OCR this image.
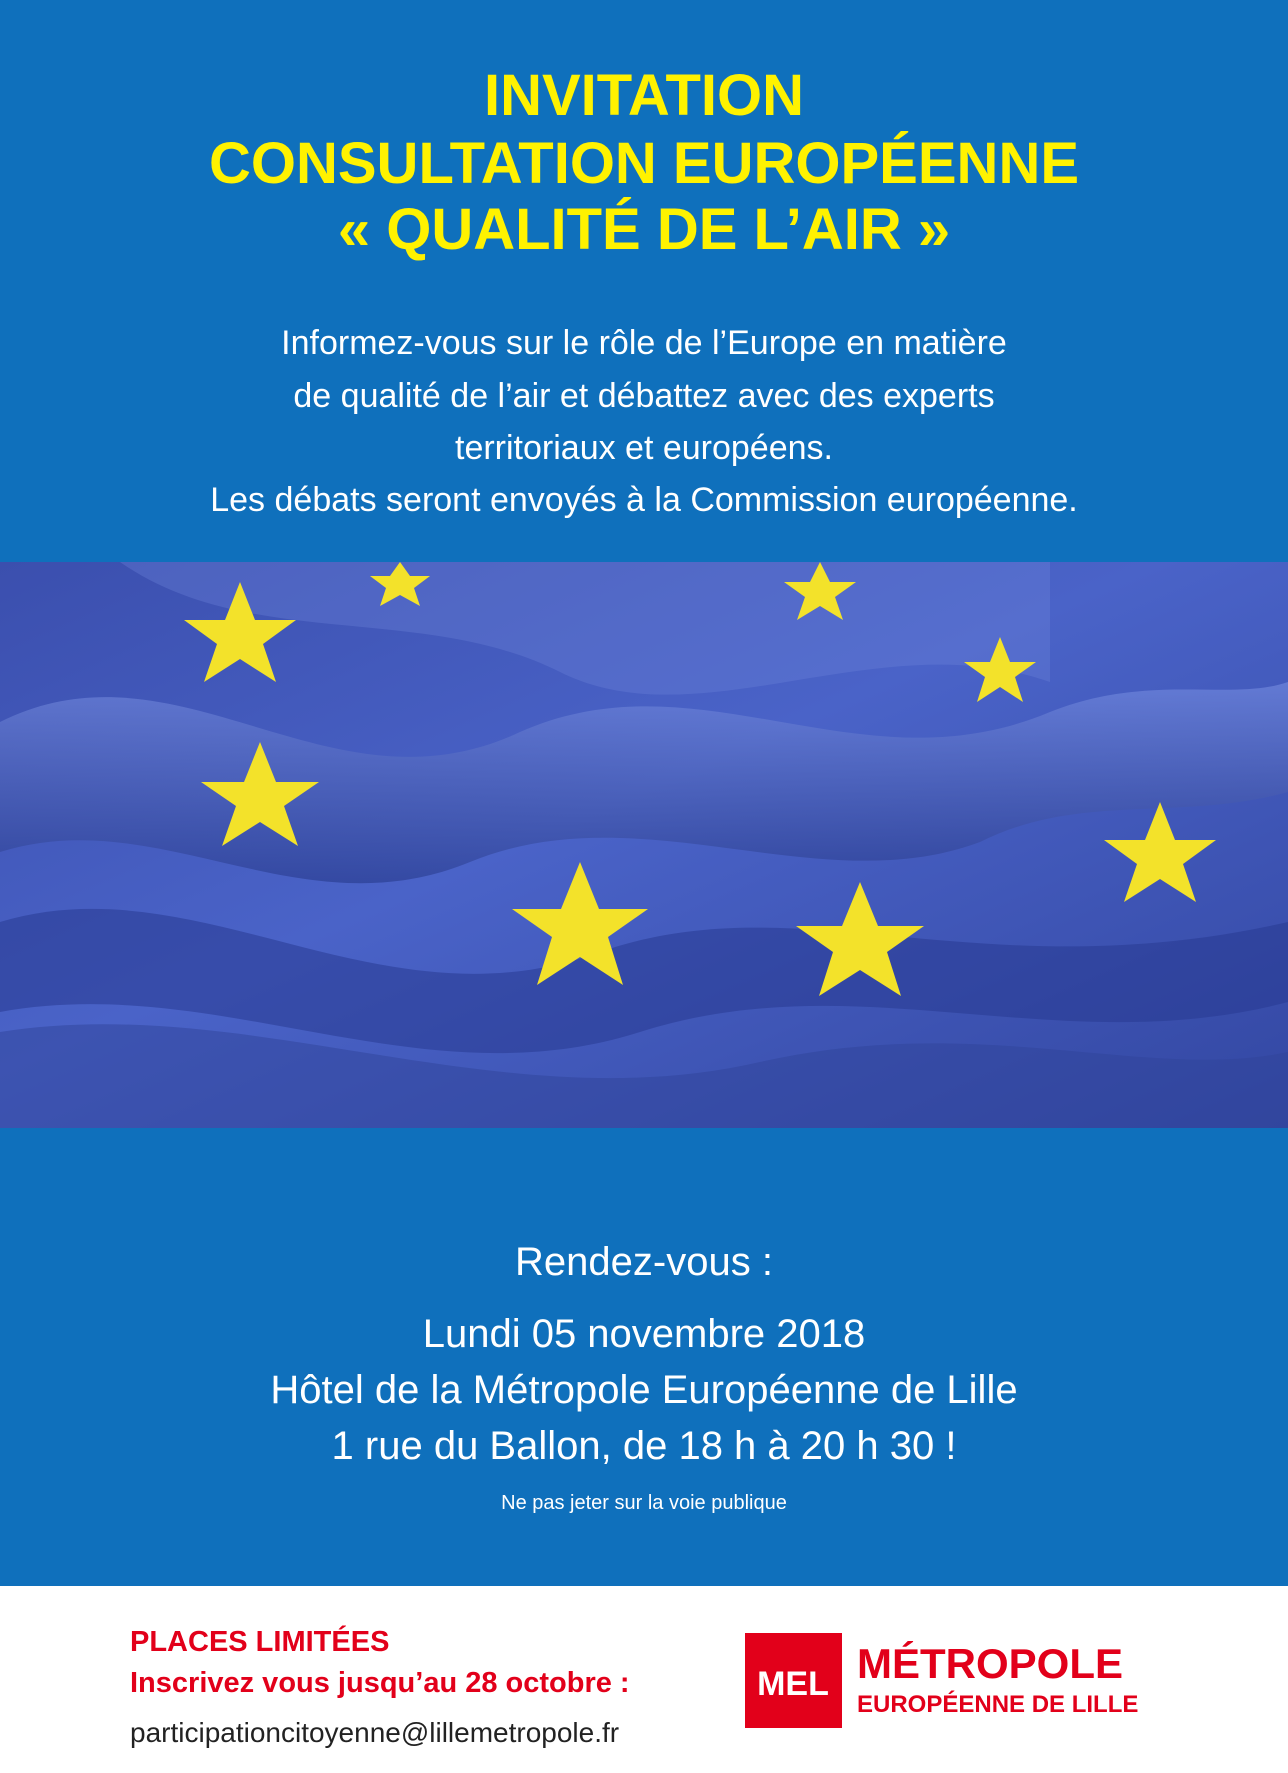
INVITATION
CONSULTATION EUROPÉENNE
« QUALITÉ DE L’AIR »
Informez-vous sur le rôle de l’Europe en matière
de qualité de l’air et débattez avec des experts
territoriaux et européens.
Les débats seront envoyés à la Commission européenne.
Rendez-vous :
Lundi 05 novembre 2018
Hôtel de la Métropole Européenne de Lille
1 rue du Ballon, de 18 h à 20 h 30 !
Ne pas jeter sur la voie publique
PLACES LIMITÉES
Inscrivez vous jusqu’au 28 octobre :
participationcitoyenne@lillemetropole.fr
MEL MÉTROPOLE
EUROPÉENNE DE LILLE
